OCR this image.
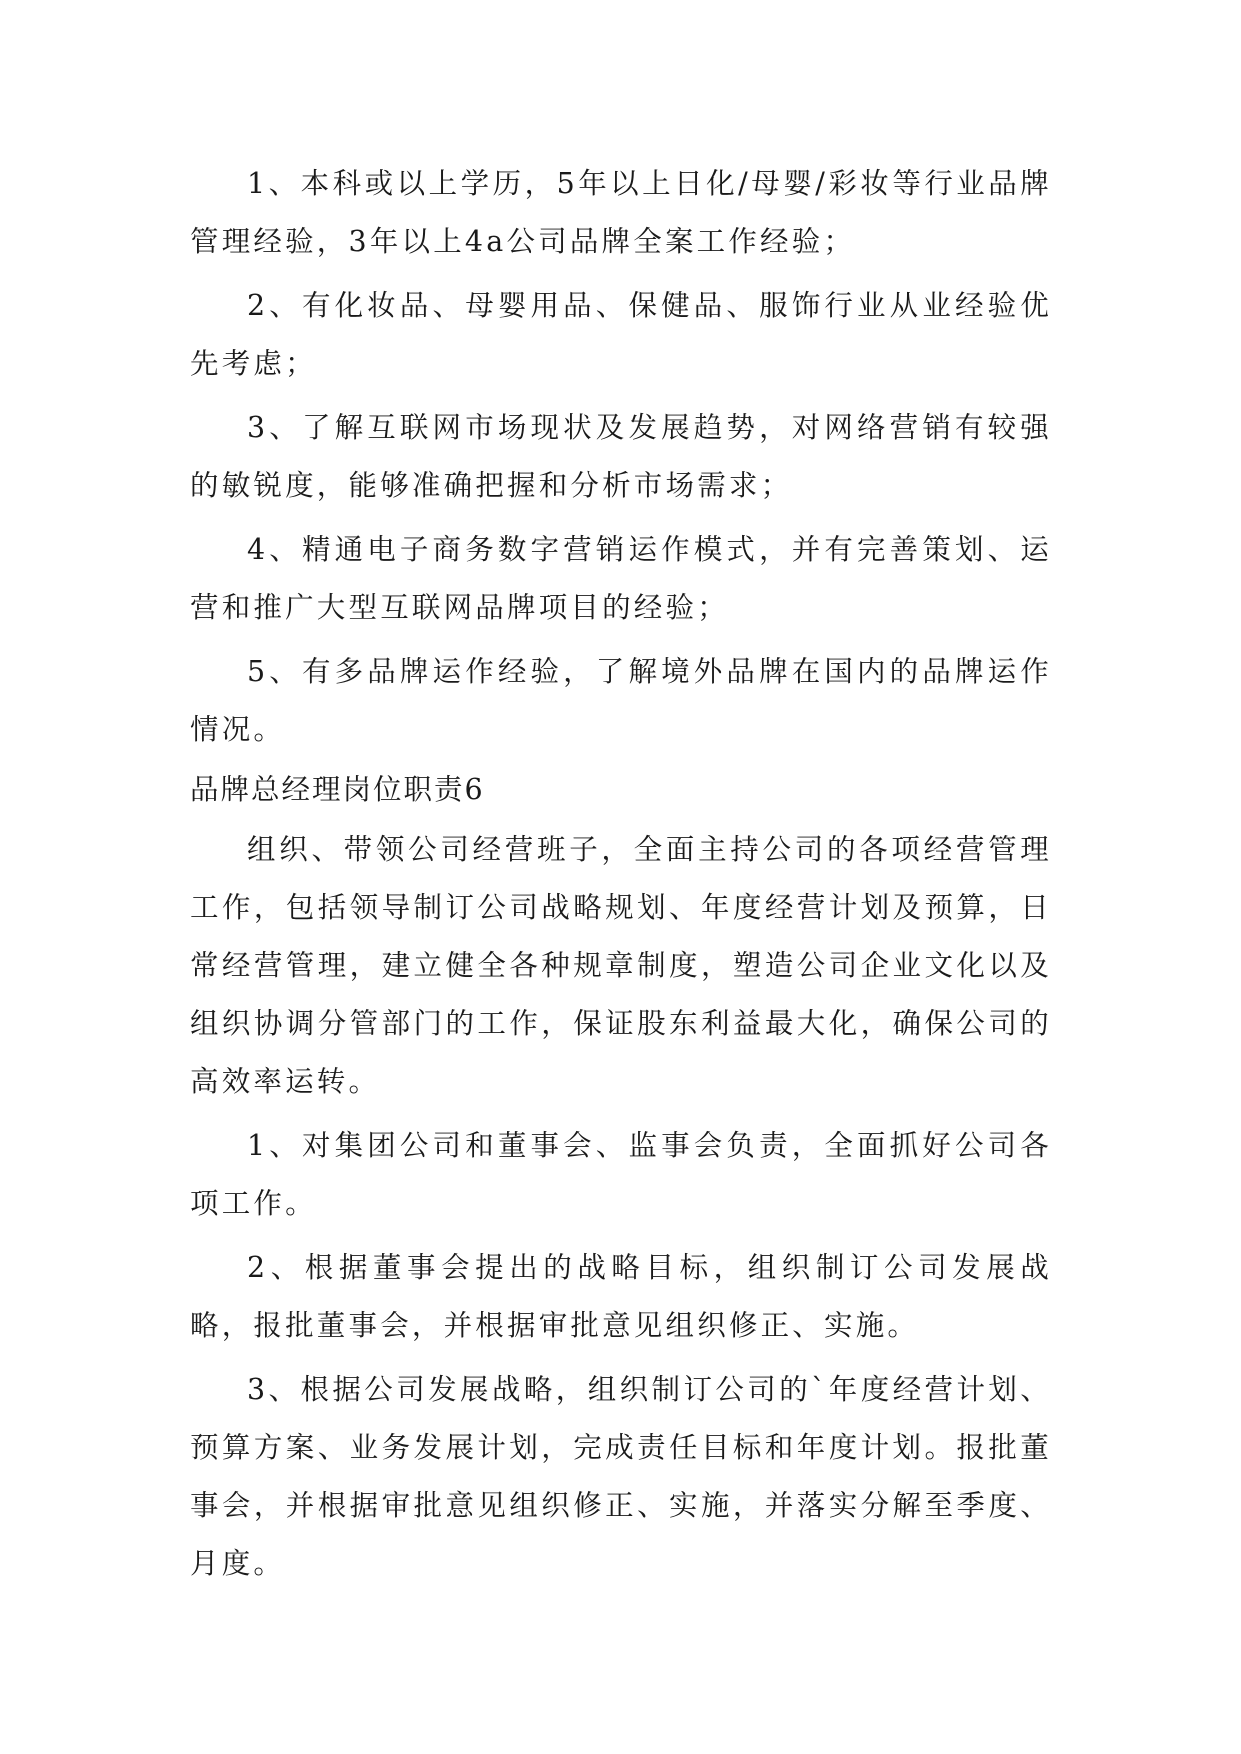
1、本科或以上学历，5年以上日化/母婴/彩妆等行业品牌管理经验，3年以上4a公司品牌全案工作经验；

2、有化妆品、母婴用品、保健品、服饰行业从业经验优先考虑；

3、了解互联网市场现状及发展趋势，对网络营销有较强的敏锐度，能够准确把握和分析市场需求；

4、精通电子商务数字营销运作模式，并有完善策划、运营和推广大型互联网品牌项目的经验；

5、有多品牌运作经验，了解境外品牌在国内的品牌运作情况。

品牌总经理岗位职责6

组织、带领公司经营班子，全面主持公司的各项经营管理工作，包括领导制订公司战略规划、年度经营计划及预算，日常经营管理，建立健全各种规章制度，塑造公司企业文化以及组织协调分管部门的工作，保证股东利益最大化，确保公司的高效率运转。

1、对集团公司和董事会、监事会负责，全面抓好公司各项工作。

2、根据董事会提出的战略目标，组织制订公司发展战略，报批董事会，并根据审批意见组织修正、实施。

3、根据公司发展战略，组织制订公司的`年度经营计划、预算方案、业务发展计划，完成责任目标和年度计划。报批董事会，并根据审批意见组织修正、实施，并落实分解至季度、月度。
